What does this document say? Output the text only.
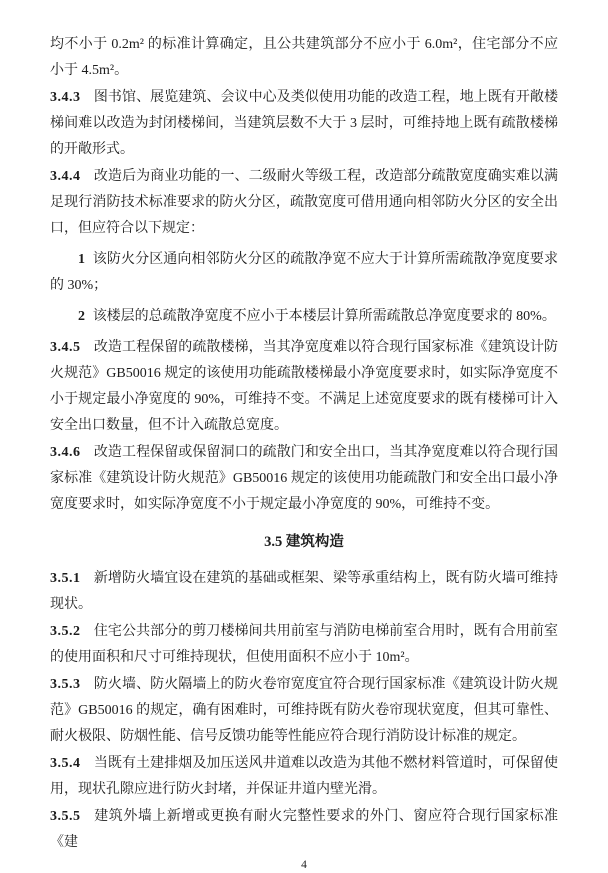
均不小于 0.2m² 的标准计算确定，且公共建筑部分不应小于 6.0m²，住宅部分不应小于 4.5m²。

3.4.3 图书馆、展览建筑、会议中心及类似使用功能的改造工程，地上既有开敞楼梯间难以改造为封闭楼梯间，当建筑层数不大于 3 层时，可维持地上既有疏散楼梯的开敞形式。

3.4.4 改造后为商业功能的一、二级耐火等级工程，改造部分疏散宽度确实难以满足现行消防技术标准要求的防火分区，疏散宽度可借用通向相邻防火分区的安全出口，但应符合以下规定：

1 该防火分区通向相邻防火分区的疏散净宽不应大于计算所需疏散净宽度要求的 30%；

2 该楼层的总疏散净宽度不应小于本楼层计算所需疏散总净宽度要求的 80%。

3.4.5 改造工程保留的疏散楼梯，当其净宽度难以符合现行国家标准《建筑设计防火规范》GB50016 规定的该使用功能疏散楼梯最小净宽度要求时，如实际净宽度不小于规定最小净宽度的 90%，可维持不变。不满足上述宽度要求的既有楼梯可计入安全出口数量，但不计入疏散总宽度。

3.4.6 改造工程保留或保留洞口的疏散门和安全出口，当其净宽度难以符合现行国家标准《建筑设计防火规范》GB50016 规定的该使用功能疏散门和安全出口最小净宽度要求时，如实际净宽度不小于规定最小净宽度的 90%，可维持不变。

3.5 建筑构造

3.5.1 新增防火墙宜设在建筑的基础或框架、梁等承重结构上，既有防火墙可维持现状。

3.5.2 住宅公共部分的剪刀楼梯间共用前室与消防电梯前室合用时，既有合用前室的使用面积和尺寸可维持现状，但使用面积不应小于 10m²。

3.5.3 防火墙、防火隔墙上的防火卷帘宽度宜符合现行国家标准《建筑设计防火规范》GB50016 的规定，确有困难时，可维持既有防火卷帘现状宽度，但其可靠性、耐火极限、防烟性能、信号反馈功能等性能应符合现行消防设计标准的规定。

3.5.4 当既有土建排烟及加压送风井道难以改造为其他不燃材料管道时，可保留使用，现状孔隙应进行防火封堵，并保证井道内壁光滑。

3.5.5 建筑外墙上新增或更换有耐火完整性要求的外门、窗应符合现行国家标准《建

4
